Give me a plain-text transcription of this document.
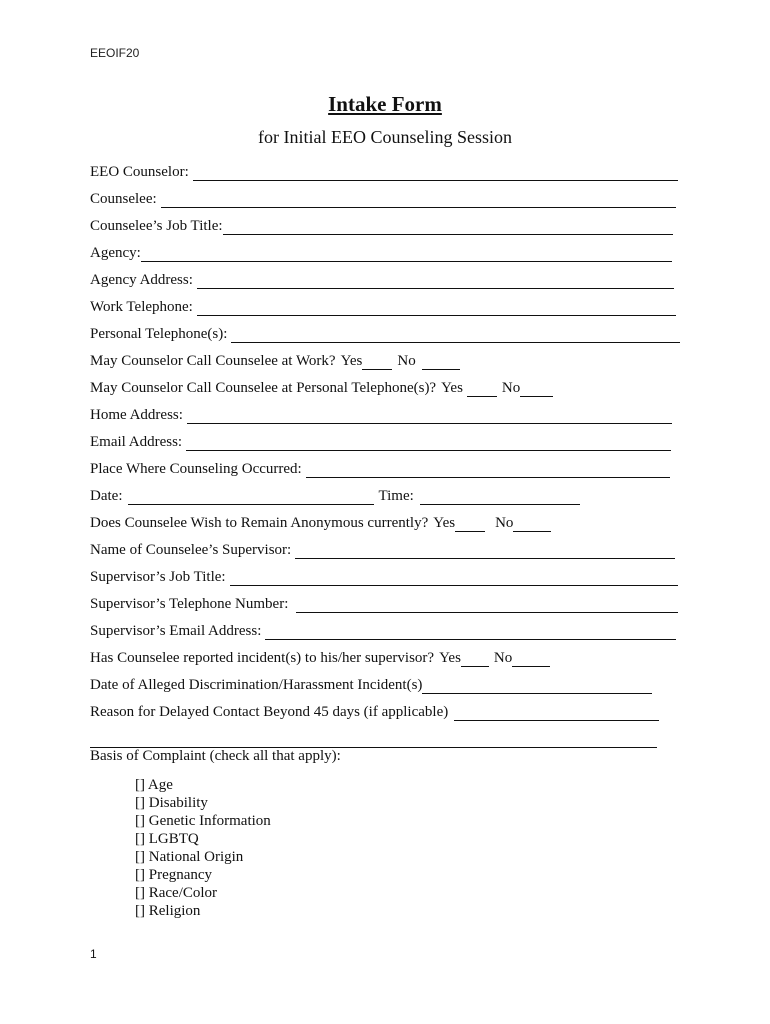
EEOIF20
Intake Form
for Initial EEO Counseling Session
EEO Counselor:
Counselee:
Counselee’s Job Title:
Agency:
Agency Address:
Work Telephone:
Personal Telephone(s):
May Counselor Call Counselee at Work? Yes No
May Counselor Call Counselee at Personal Telephone(s)? Yes	No
Home Address:
Email Address:
Place Where Counseling Occurred:
Date:	Time:
Does Counselee Wish to Remain Anonymous currently? Yes	No
Name of Counselee’s Supervisor:
Supervisor’s Job Title:
Supervisor’s Telephone Number:
Supervisor’s Email Address:
Has Counselee reported incident(s) to his/her supervisor? Yes No
Date of Alleged Discrimination/Harassment Incident(s)
Reason for Delayed Contact Beyond 45 days (if applicable)
Basis of Complaint (check all that apply):
[] Age
[] Disability
[] Genetic Information
[] LGBTQ
[] National Origin
[] Pregnancy
[] Race/Color
[] Religion
1
